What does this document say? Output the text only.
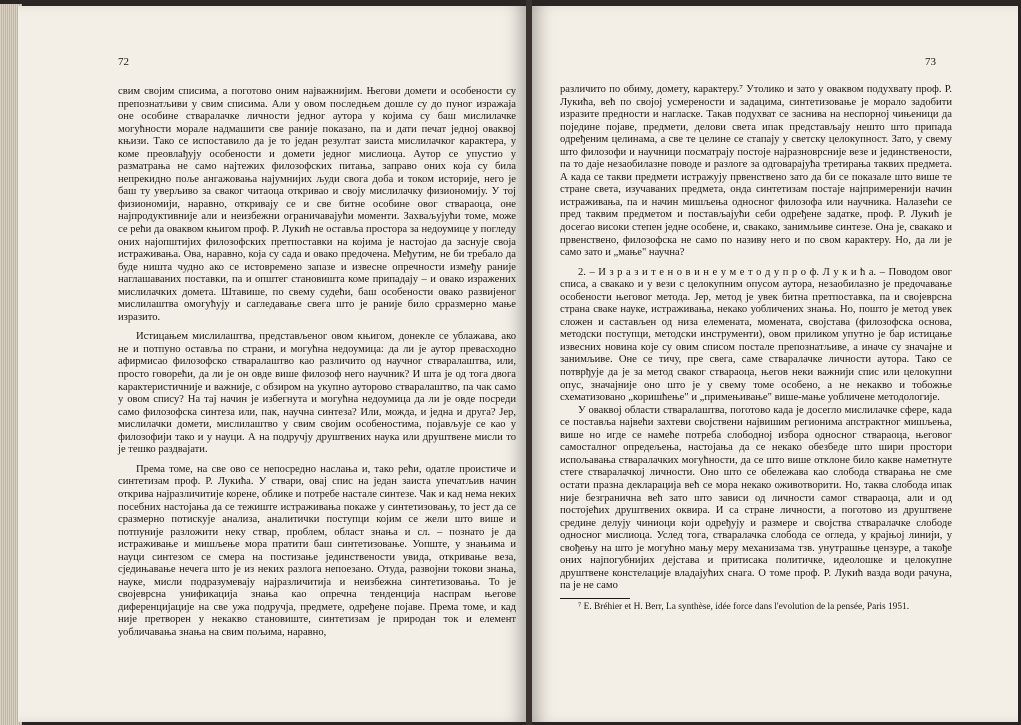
72

свим својим списима, а поготово оним најважнијим. Његови домети и особености су препознатљиви у свим списима. Али у овом последњем дошле су до пуног изражаја оне особине стваралачке личности једног аутора у којима су баш мислилачке могућности морале надмашити све раније показано, па и дати печат једној оваквој књизи. Тако се испоставило да је то један резултат заиста мислилачког карактера, у коме преовлађују особености и домети једног мислиоца. Аутор се упустио у разматрања не само најтежих филозофских питања, заправо оних која су била непрекидно поље ангажовања најумнијих људи свога доба и током историје, него је баш ту уверљиво за сваког читаоца откривао и своју мислилачку физиономију. У тој физиономији, наравно, откривају се и све битне особине овог ствараоца, оне најпродуктивније али и неизбежни ограничавајући моменти. Захваљујући томе, може се рећи да оваквом књигом проф. Р. Лукић не оставља простора за недоумице у погледу оних најопштијих филозофских претпоставки на којима је настојао да заснује своја истраживања. Ова, наравно, која су сада и овако предочена. Међутим, не би требало да буде ништа чудно ако се истовремено запазе и извесне опречности између раније наглашаваних поставки, па и општег становишта коме припадају – и овако изражених мислилачких домета. Штавише, по свему судећи, баш особености овако развијеног мислилаштва омогућују и сагледавање свега што је раније било срразмерно мање изразито.

Истицањем мислилаштва, представљеног овом књигом, донекле се ублажава, ако не и потпуно оставља по страни, и могућна недоумица: да ли је аутор превасходно афирмисао филозофско стваралаштво као различито од научног стваралаштва, или, просто говорећи, да ли је он овде више филозоф него научник? И шта је од тога двога карактеристичније и важније, с обзиром на укупно ауторово стваралаштво, па чак само у овом спису? На тај начин је избегнута и могућна недоумица да ли је овде посреди само филозофска синтеза или, пак, научна синтеза? Или, можда, и једна и друга? Јер, мислилачки домети, мислилаштво у свим својим особеностима, појављује се као у филозофији тако и у науци. А на подручју друштвених наука или друштвене мисли то је тешко раздвајати.

Према томе, на све ово се непосредно наслања и, тако рећи, одатле проистиче и синтетизам проф. Р. Лукића. У ствари, овај спис на један заиста упечатљив начин открива најразличитије корене, облике и потребе настале синтезе. Чак и кад нема неких посебних настојања да се тежиште истраживања покаже у синтетизовању, то јест да се сразмерно потискује анализа, аналитички поступци којим се жели што више и потпуније разложити неку ствар, проблем, област знања и сл. – познато је да истраживање и мишљење мора пратити баш синтетизовање. Уопште, у знањима и науци синтезом се смера на постизање јединствености увида, откривање веза, сједињавање нечега што је из неких разлога непоезано. Отуда, развојни токови знања, науке, мисли подразумевају најразличитија и неизбежна синтетизовања. То је својеврсна унификација знања као опречна тенденција наспрам његове диференцијације на све ужа подручја, предмете, одређене појаве. Према томе, и кад није претворен у некакво становиште, синтетизам је природан ток и елемент уобличавања знања на свим пољима, наравно,

73

различито по обиму, домету, карактеру.⁷ Утолико и зато у оваквом подухвату проф. Р. Лукића, већ по својој усмерености и задацима, синтетизовање је морало задобити изразите предности и нагласке. Такав подухват се заснива на неспорној чињеници да поједине појаве, предмети, делови света ипак представљају нешто што припада одређеним целинама, а све те целине се стапају у светску целокупност. Зато, у свему што филозофи и научници посматрају постоје најразноврсније везе и јединствености, па то даје незаобилазне поводе и разлоге за одговарајућа третирања таквих предмета. А када се такви предмети истражују првенствено зато да би се показале што више те стране света, изучаваних предмета, онда синтетизам постаје најпримеренији начин истраживања, па и начин мишљења односног филозофа или научника. Налазећи се пред таквим предметом и постављајући себи одређене задатке, проф. Р. Лукић је досегао високи степен једне особене, и, свакако, занимљиве синтезе. Она је, свакако и првенствено, филозофска не само по називу него и по свом карактеру. Но, да ли је само зато и „мање" научна?

2. – И з р а з и т е н о в и н е у м е т о д у п р о ф. Л у к и ћ а. – Поводом овог списа, а свакако и у вези с целокупним опусом аутора, незаобилазно је предочавање особености његовог метода. Јер, метод је увек битна претпоставка, па и својеврсна страна сваке науке, истраживања, некако уобличених знања. Но, пошто је метод увек сложен и састављен од низа елемената, момената, својстава (филозофска основа, методски поступци, методски инструменти), овом приликом упутно је бар истицање извесних новина које су овим списом постале препознатљиве, а иначе су значајне и занимљиве. Оне се тичу, пре свега, саме стваралачке личности аутора. Тако се потврђује да је за метод сваког ствараоца, његов неки важнији спис или целокупни опус, значајније оно што је у свему томе особено, а не некакво и тобожње схематизовано „коришћење" и „примењивање" више-мање уобличене методологије.

У оваквој области стваралаштва, поготово када је досегло мислилачке сфере, када се поставља највећи захтеви својствени највишим регионима апстрактног мишљења, више но игде се намеће потреба слободној избора односног ствараоца, његовог самосталног опредељења, настојања да се некако обезбеде што шири простори испољавања стваралачких могућности, да се што више отклоне било какве наметнуте стеге стваралачкој личности. Оно што се обележава као слобода стварања не сме остати празна декларација већ се мора некако оживотворити. Но, таква слобода ипак није безгранична већ зато што зависи од личности самог ствараоца, али и од постојећих друштвених оквира. И са стране личности, а поготово из друштвене средине делују чиниоци који одређују и размере и својства стваралачке слободе односног мислиоца. Услед тога, стваралачка слобода се огледа, у крајњој линији, у свођењу на што је могућно мању меру механизама тзв. унутрашње цензуре, а такође оних најпогубнијих дејстава и притисака политичке, идеолошке и целокупне друштвене констелације владајућих снага. О томе проф. Р. Лукић вазда води рачуна, па је не само

⁷ E. Bréhier et H. Berr, La synthèse, idée force dans l'evolution de la pensée, Paris 1951.
